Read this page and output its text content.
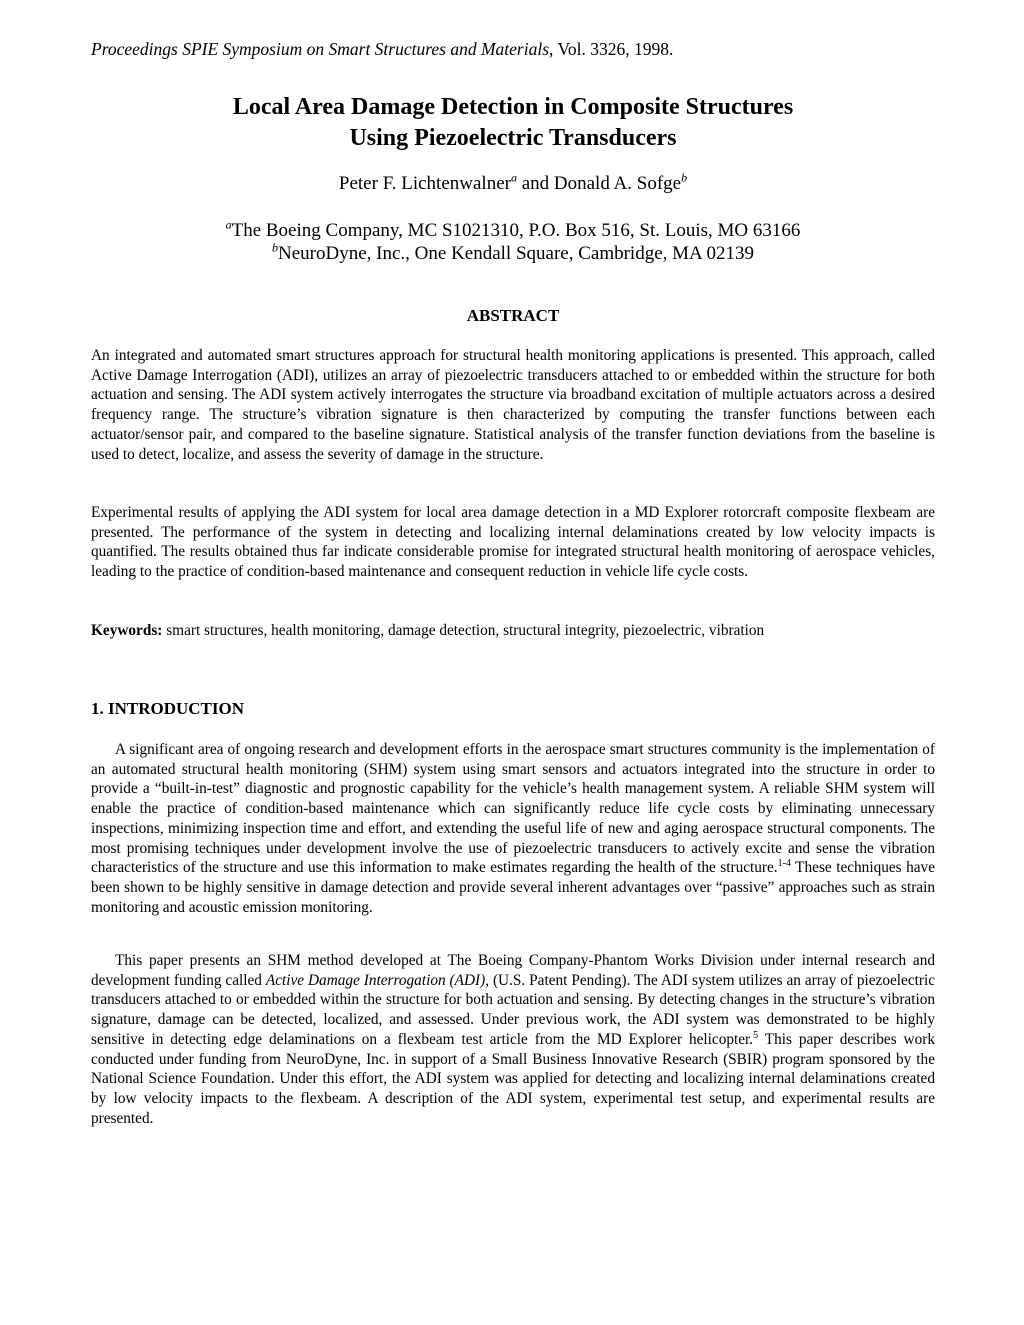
Proceedings SPIE Symposium on Smart Structures and Materials, Vol. 3326, 1998.
Local Area Damage Detection in Composite Structures
Using Piezoelectric Transducers
Peter F. Lichtenwalner$^a$ and Donald A. Sofge$^b$
$^a$The Boeing Company, MC S1021310, P.O. Box 516, St. Louis, MO 63166
$^b$NeuroDyne, Inc., One Kendall Square, Cambridge, MA 02139
ABSTRACT
An integrated and automated smart structures approach for structural health monitoring applications is presented. This approach, called Active Damage Interrogation (ADI), utilizes an array of piezoelectric transducers attached to or embedded within the structure for both actuation and sensing. The ADI system actively interrogates the structure via broadband excitation of multiple actuators across a desired frequency range. The structure’s vibration signature is then characterized by computing the transfer functions between each actuator/sensor pair, and compared to the baseline signature. Statistical analysis of the transfer function deviations from the baseline is used to detect, localize, and assess the severity of damage in the structure.
Experimental results of applying the ADI system for local area damage detection in a MD Explorer rotorcraft composite flexbeam are presented. The performance of the system in detecting and localizing internal delaminations created by low velocity impacts is quantified. The results obtained thus far indicate considerable promise for integrated structural health monitoring of aerospace vehicles, leading to the practice of condition-based maintenance and consequent reduction in vehicle life cycle costs.
Keywords: smart structures, health monitoring, damage detection, structural integrity, piezoelectric, vibration
1. INTRODUCTION
A significant area of ongoing research and development efforts in the aerospace smart structures community is the implementation of an automated structural health monitoring (SHM) system using smart sensors and actuators integrated into the structure in order to provide a “built-in-test” diagnostic and prognostic capability for the vehicle’s health management system. A reliable SHM system will enable the practice of condition-based maintenance which can significantly reduce life cycle costs by eliminating unnecessary inspections, minimizing inspection time and effort, and extending the useful life of new and aging aerospace structural components. The most promising techniques under development involve the use of piezoelectric transducers to actively excite and sense the vibration characteristics of the structure and use this information to make estimates regarding the health of the structure.$^{1-4}$ These techniques have been shown to be highly sensitive in damage detection and provide several inherent advantages over “passive” approaches such as strain monitoring and acoustic emission monitoring.
This paper presents an SHM method developed at The Boeing Company-Phantom Works Division under internal research and development funding called Active Damage Interrogation (ADI), (U.S. Patent Pending). The ADI system utilizes an array of piezoelectric transducers attached to or embedded within the structure for both actuation and sensing. By detecting changes in the structure’s vibration signature, damage can be detected, localized, and assessed. Under previous work, the ADI system was demonstrated to be highly sensitive in detecting edge delaminations on a flexbeam test article from the MD Explorer helicopter.$^5$ This paper describes work conducted under funding from NeuroDyne, Inc. in support of a Small Business Innovative Research (SBIR) program sponsored by the National Science Foundation. Under this effort, the ADI system was applied for detecting and localizing internal delaminations created by low velocity impacts to the flexbeam. A description of the ADI system, experimental test setup, and experimental results are presented.
